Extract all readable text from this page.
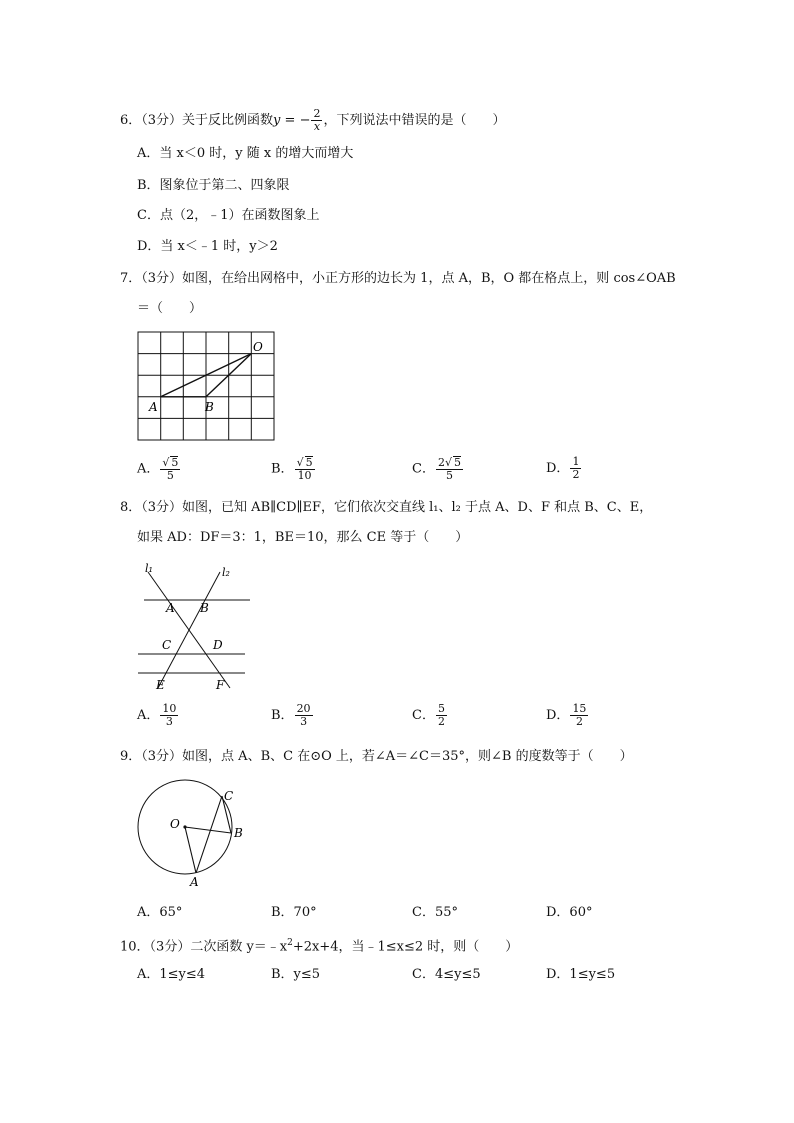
6．（3分）关于反比例函数y = − $\frac{2}{x}$ ，下列说法中错误的是（　　）
A．当 x＜0 时，y 随 x 的增大而增大
B．图象位于第二、四象限
C．点（2，﹣1）在函数图象上
D．当 x＜﹣1 时，y＞2
7．（3分）如图，在给出网格中，小正方形的边长为 1，点 A，B，O 都在格点上，则 cos∠OAB
＝（　　）
O
A	B
A． $\frac{√ 5}{5}$	B． $\frac{√ 5}{10}$	C． $\frac{2√ 5}{5}$	D． $\frac{1}{2}$
8．（3分）如图，已知 AB∥CD∥EF，它们依次交直线 l₁、l₂ 于点 A、D、F 和点 B、C、E，
如果 AD：DF＝3：1，BE＝10，那么 CE 等于（　　）
l₁	l₂
A B
C	D
E	F
A． $\frac{10}{3}$	B． $\frac{20}{3}$	C． $\frac{5}{2}$	D． $\frac{15}{2}$
9．（3分）如图，点 A、B、C 在⊙O 上，若∠A＝∠C＝35°，则∠B 的度数等于（　　）
O
C
B
A
A．65°	B．70°	C．55°	D．60°
10．（3分）二次函数 $y=﹣x^2+2x+4$，当﹣1≤x≤2 时，则（　　）
A．1≤y≤4	B．y≤5	C．4≤y≤5	D．1≤y≤5
